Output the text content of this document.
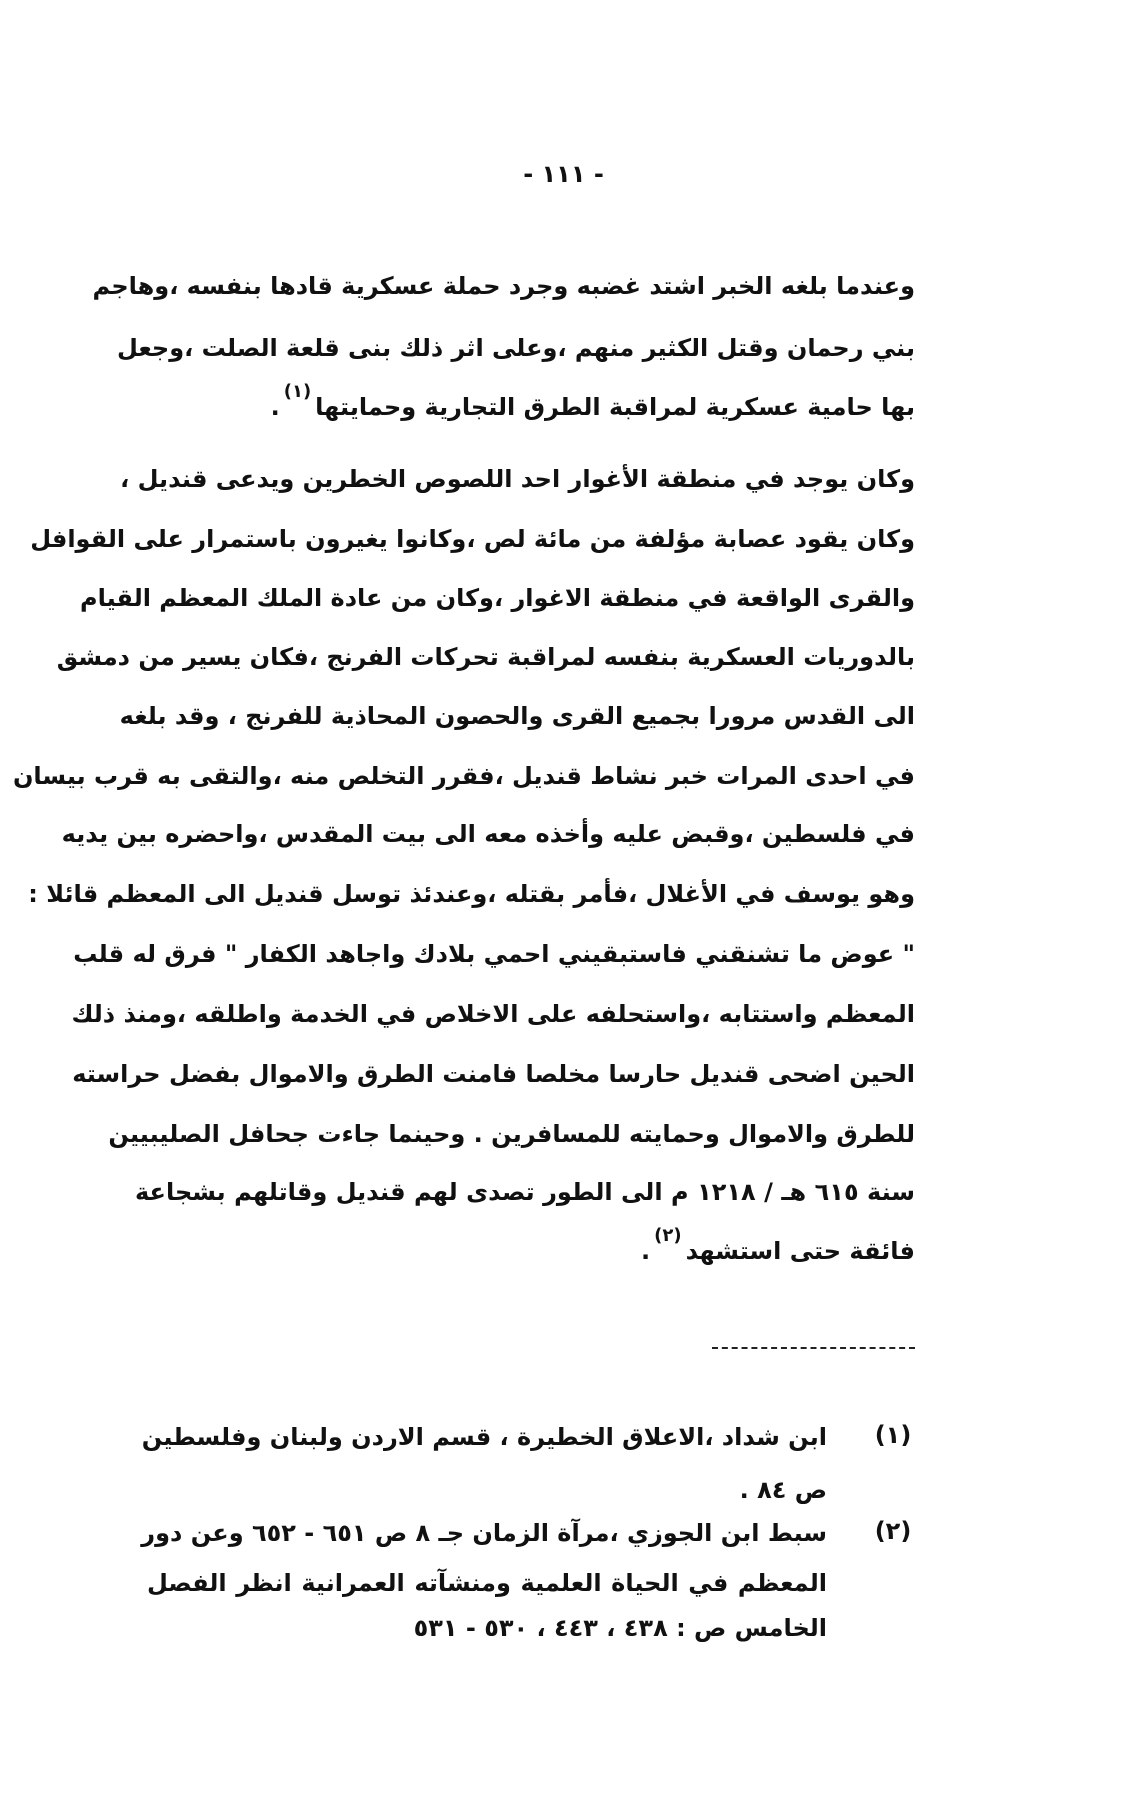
- ١١١ -
وعندما بلغه الخبر اشتد غضبه وجرد حملة عسكرية قادها بنفسه ،وهاجم
بني رحمان وقتل الكثير منهم ،وعلى اثر ذلك بنى قلعة الصلت ،وجعل
بها حامية عسكرية لمراقبة الطرق التجارية وحمايتها$^{(١)}$.
وكان يوجد في منطقة الأغوار احد اللصوص الخطرين ويدعى قنديل ،
وكان يقود عصابة مؤلفة من مائة لص ،وكانوا يغيرون باستمرار على القوافل
والقرى الواقعة في منطقة الاغوار ،وكان من عادة الملك المعظم القيام
بالدوريات العسكرية بنفسه لمراقبة تحركات الفرنج ،فكان يسير من دمشق
الى القدس مرورا بجميع القرى والحصون المحاذية للفرنج ، وقد بلغه
في احدى المرات خبر نشاط قنديل ،فقرر التخلص منه ،والتقى به قرب بيسان
في فلسطين ،وقبض عليه وأخذه معه الى بيت المقدس ،واحضره بين يديه
وهو يوسف في الأغلال ،فأمر بقتله ،وعندئذ توسل قنديل الى المعظم قائلا :
" عوض ما تشنقني فاستبقيني احمي بلادك واجاهد الكفار " فرق له قلب
المعظم واستتابه ،واستحلفه على الاخلاص في الخدمة واطلقه ،ومنذ ذلك
الحين اضحى قنديل حارسا مخلصا فامنت الطرق والاموال بفضل حراسته
للطرق والاموال وحمايته للمسافرين . وحينما جاءت جحافل الصليبيين
سنة ٦١٥ هـ / ١٢١٨ م الى الطور تصدى لهم قنديل وقاتلهم بشجاعة
فائقة حتى استشهد$^{(٢)}$.
(١)
ابن شداد ،الاعلاق الخطيرة ، قسم الاردن ولبنان وفلسطين
ص ٨٤ .
(٢)
سبط ابن الجوزي ،مرآة الزمان جـ ٨ ص ٦٥١ - ٦٥٢ وعن دور
المعظم في الحياة العلمية ومنشآته العمرانية انظر الفصل
الخامس ص : ٤٣٨ ، ٤٤٣ ، ٥٣٠ - ٥٣١
